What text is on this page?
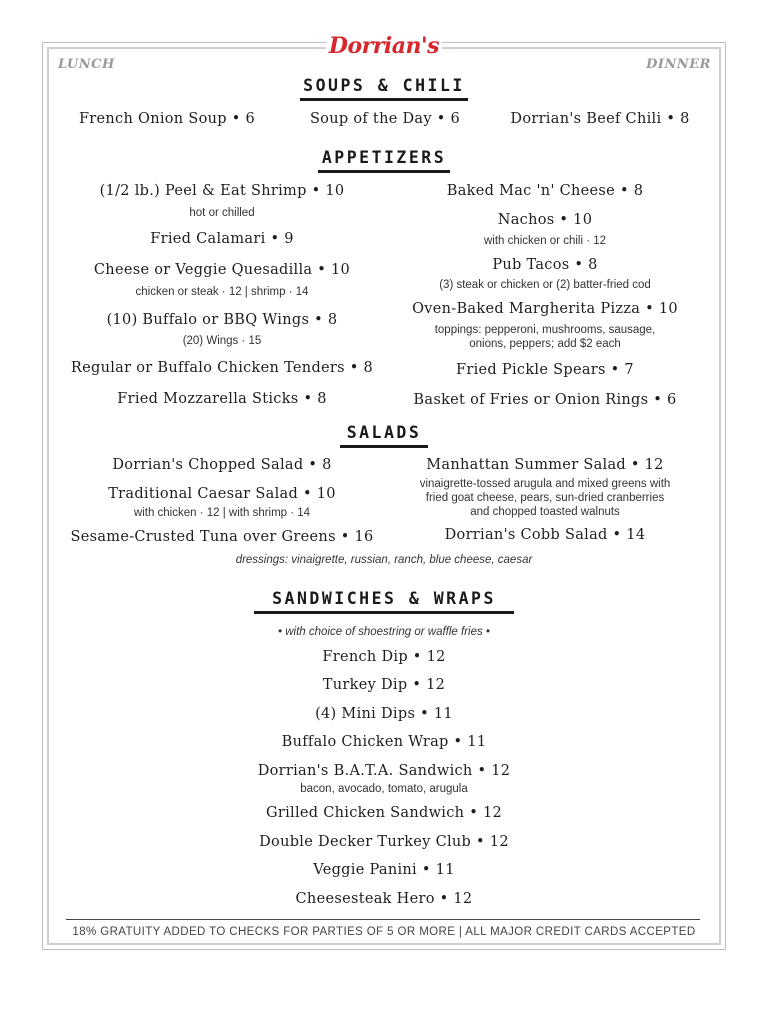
Dorrian's
LUNCH	DINNER
SOUPS & CHILI
French Onion Soup • 6	Soup of the Day • 6	Dorrian's Beef Chili • 8
APPETIZERS
(1/2 lb.) Peel & Eat Shrimp • 10
hot or chilled
Fried Calamari • 9
Cheese or Veggie Quesadilla • 10
chicken or steak · 12 | shrimp · 14
(10) Buffalo or BBQ Wings • 8
(20) Wings · 15
Regular or Buffalo Chicken Tenders • 8
Fried Mozzarella Sticks • 8
Baked Mac 'n' Cheese • 8
Nachos • 10
with chicken or chili · 12
Pub Tacos • 8
(3) steak or chicken or (2) batter-fried cod
Oven-Baked Margherita Pizza • 10
toppings: pepperoni, mushrooms, sausage,
onions, peppers; add $2 each
Fried Pickle Spears • 7
Basket of Fries or Onion Rings • 6
SALADS
Dorrian's Chopped Salad • 8
Traditional Caesar Salad • 10
with chicken · 12 | with shrimp · 14
Sesame-Crusted Tuna over Greens • 16
Manhattan Summer Salad • 12
vinaigrette-tossed arugula and mixed greens with
fried goat cheese, pears, sun-dried cranberries
and chopped toasted walnuts
Dorrian's Cobb Salad • 14
dressings: vinaigrette, russian, ranch, blue cheese, caesar
SANDWICHES & WRAPS
• with choice of shoestring or waffle fries •
French Dip • 12
Turkey Dip • 12
(4) Mini Dips • 11
Buffalo Chicken Wrap • 11
Dorrian's B.A.T.A. Sandwich • 12
bacon, avocado, tomato, arugula
Grilled Chicken Sandwich • 12
Double Decker Turkey Club • 12
Veggie Panini • 11
Cheesesteak Hero • 12
18% GRATUITY ADDED TO CHECKS FOR PARTIES OF 5 OR MORE | ALL MAJOR CREDIT CARDS ACCEPTED
